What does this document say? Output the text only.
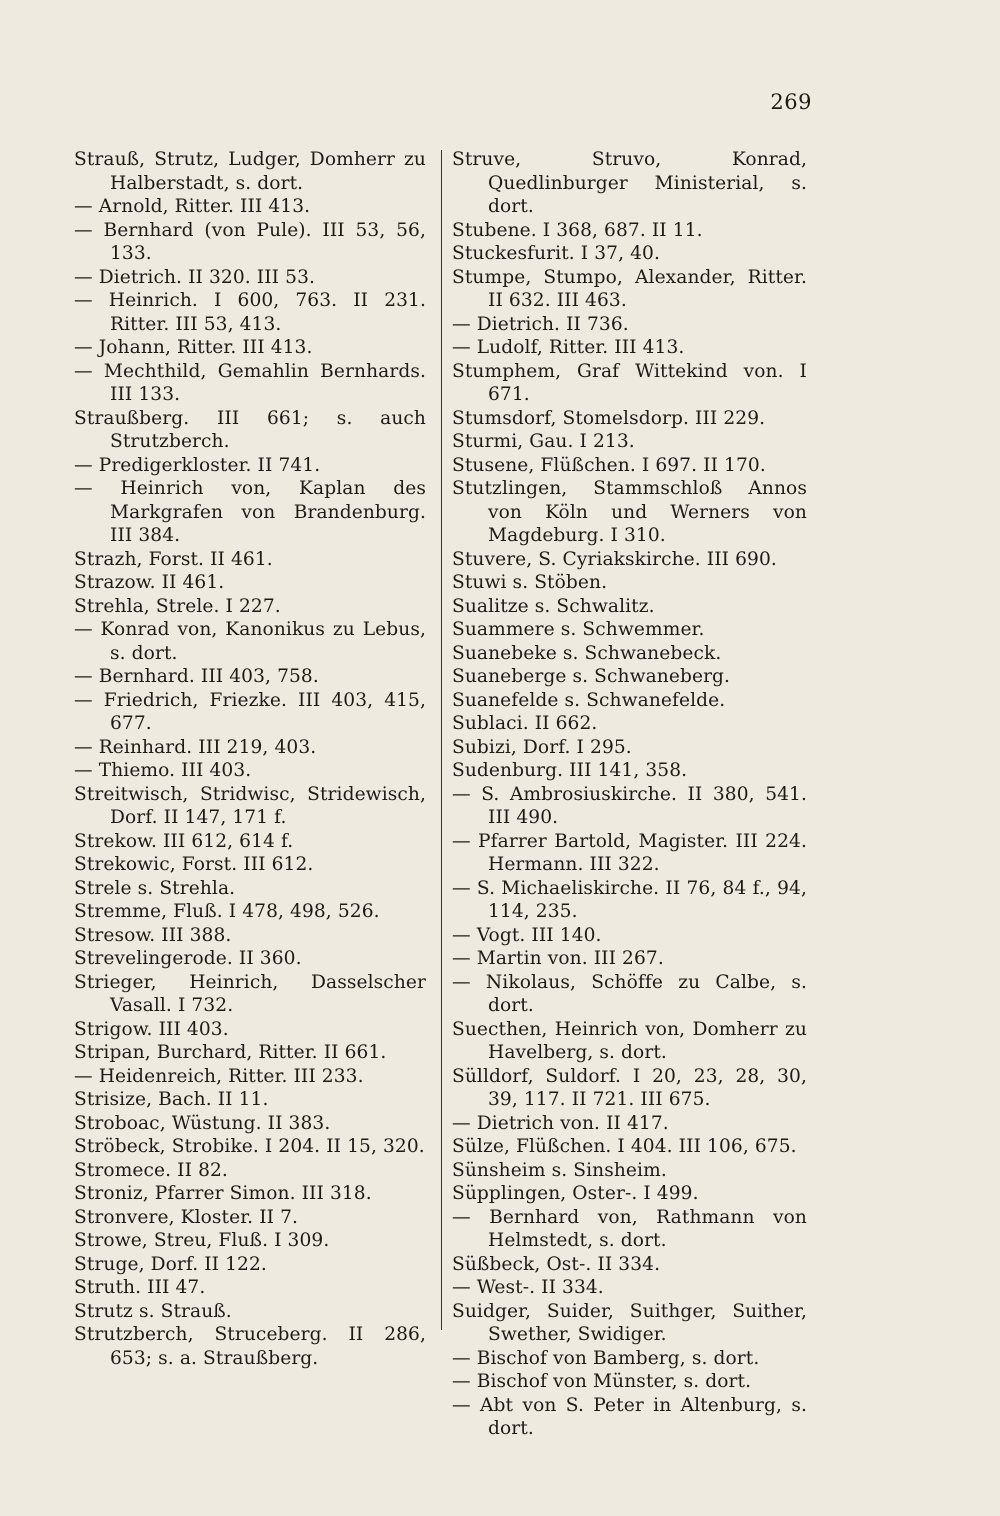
269
Strauß, Strutz, Ludger, Domherr zu Halberstadt, s. dort.
— Arnold, Ritter. III 413.
— Bernhard (von Pule). III 53, 56, 133.
— Dietrich. II 320. III 53.
— Heinrich. I 600, 763. II 231. Ritter. III 53, 413.
— Johann, Ritter. III 413.
— Mechthild, Gemahlin Bernhards. III 133.
Straußberg. III 661; s. auch Strutzberch.
— Predigerkloster. II 741.
— Heinrich von, Kaplan des Markgrafen von Brandenburg. III 384.
Strazh, Forst. II 461.
Strazow. II 461.
Strehla, Strele. I 227.
— Konrad von, Kanonikus zu Lebus, s. dort.
— Bernhard. III 403, 758.
— Friedrich, Friezke. III 403, 415, 677.
— Reinhard. III 219, 403.
— Thiemo. III 403.
Streitwisch, Stridwisc, Stridewisch, Dorf. II 147, 171 f.
Strekow. III 612, 614 f.
Strekowic, Forst. III 612.
Strele s. Strehla.
Stremme, Fluß. I 478, 498, 526.
Stresow. III 388.
Strevelingerode. II 360.
Strieger, Heinrich, Dasselscher Vasall. I 732.
Strigow. III 403.
Stripan, Burchard, Ritter. II 661.
— Heidenreich, Ritter. III 233.
Strisize, Bach. II 11.
Stroboac, Wüstung. II 383.
Ströbeck, Strobike. I 204. II 15, 320.
Stromece. II 82.
Stroniz, Pfarrer Simon. III 318.
Stronvere, Kloster. II 7.
Strowe, Streu, Fluß. I 309.
Struge, Dorf. II 122.
Struth. III 47.
Strutz s. Strauß.
Strutzberch, Struceberg. II 286, 653; s. a. Straußberg.
Struve, Struvo, Konrad, Quedlinburger Ministerial, s. dort.
Stubene. I 368, 687. II 11.
Stuckesfurit. I 37, 40.
Stumpe, Stumpo, Alexander, Ritter. II 632. III 463.
— Dietrich. II 736.
— Ludolf, Ritter. III 413.
Stumphem, Graf Wittekind von. I 671.
Stumsdorf, Stomelsdorp. III 229.
Sturmi, Gau. I 213.
Stusene, Flüßchen. I 697. II 170.
Stutzlingen, Stammschloß Annos von Köln und Werners von Magdeburg. I 310.
Stuvere, S. Cyriakskirche. III 690.
Stuwi s. Stöben.
Sualitze s. Schwalitz.
Suammere s. Schwemmer.
Suanebeke s. Schwanebeck.
Suaneberge s. Schwaneberg.
Suanefelde s. Schwanefelde.
Sublaci. II 662.
Subizi, Dorf. I 295.
Sudenburg. III 141, 358.
— S. Ambrosiuskirche. II 380, 541. III 490.
— Pfarrer Bartold, Magister. III 224. Hermann. III 322.
— S. Michaeliskirche. II 76, 84 f., 94, 114, 235.
— Vogt. III 140.
— Martin von. III 267.
— Nikolaus, Schöffe zu Calbe, s. dort.
Suecthen, Heinrich von, Domherr zu Havelberg, s. dort.
Sülldorf, Suldorf. I 20, 23, 28, 30, 39, 117. II 721. III 675.
— Dietrich von. II 417.
Sülze, Flüßchen. I 404. III 106, 675.
Sünsheim s. Sinsheim.
Süpplingen, Oster-. I 499.
— Bernhard von, Rathmann von Helmstedt, s. dort.
Süßbeck, Ost-. II 334.
— West-. II 334.
Suidger, Suider, Suithger, Suither, Swether, Swidiger.
— Bischof von Bamberg, s. dort.
— Bischof von Münster, s. dort.
— Abt von S. Peter in Altenburg, s. dort.
